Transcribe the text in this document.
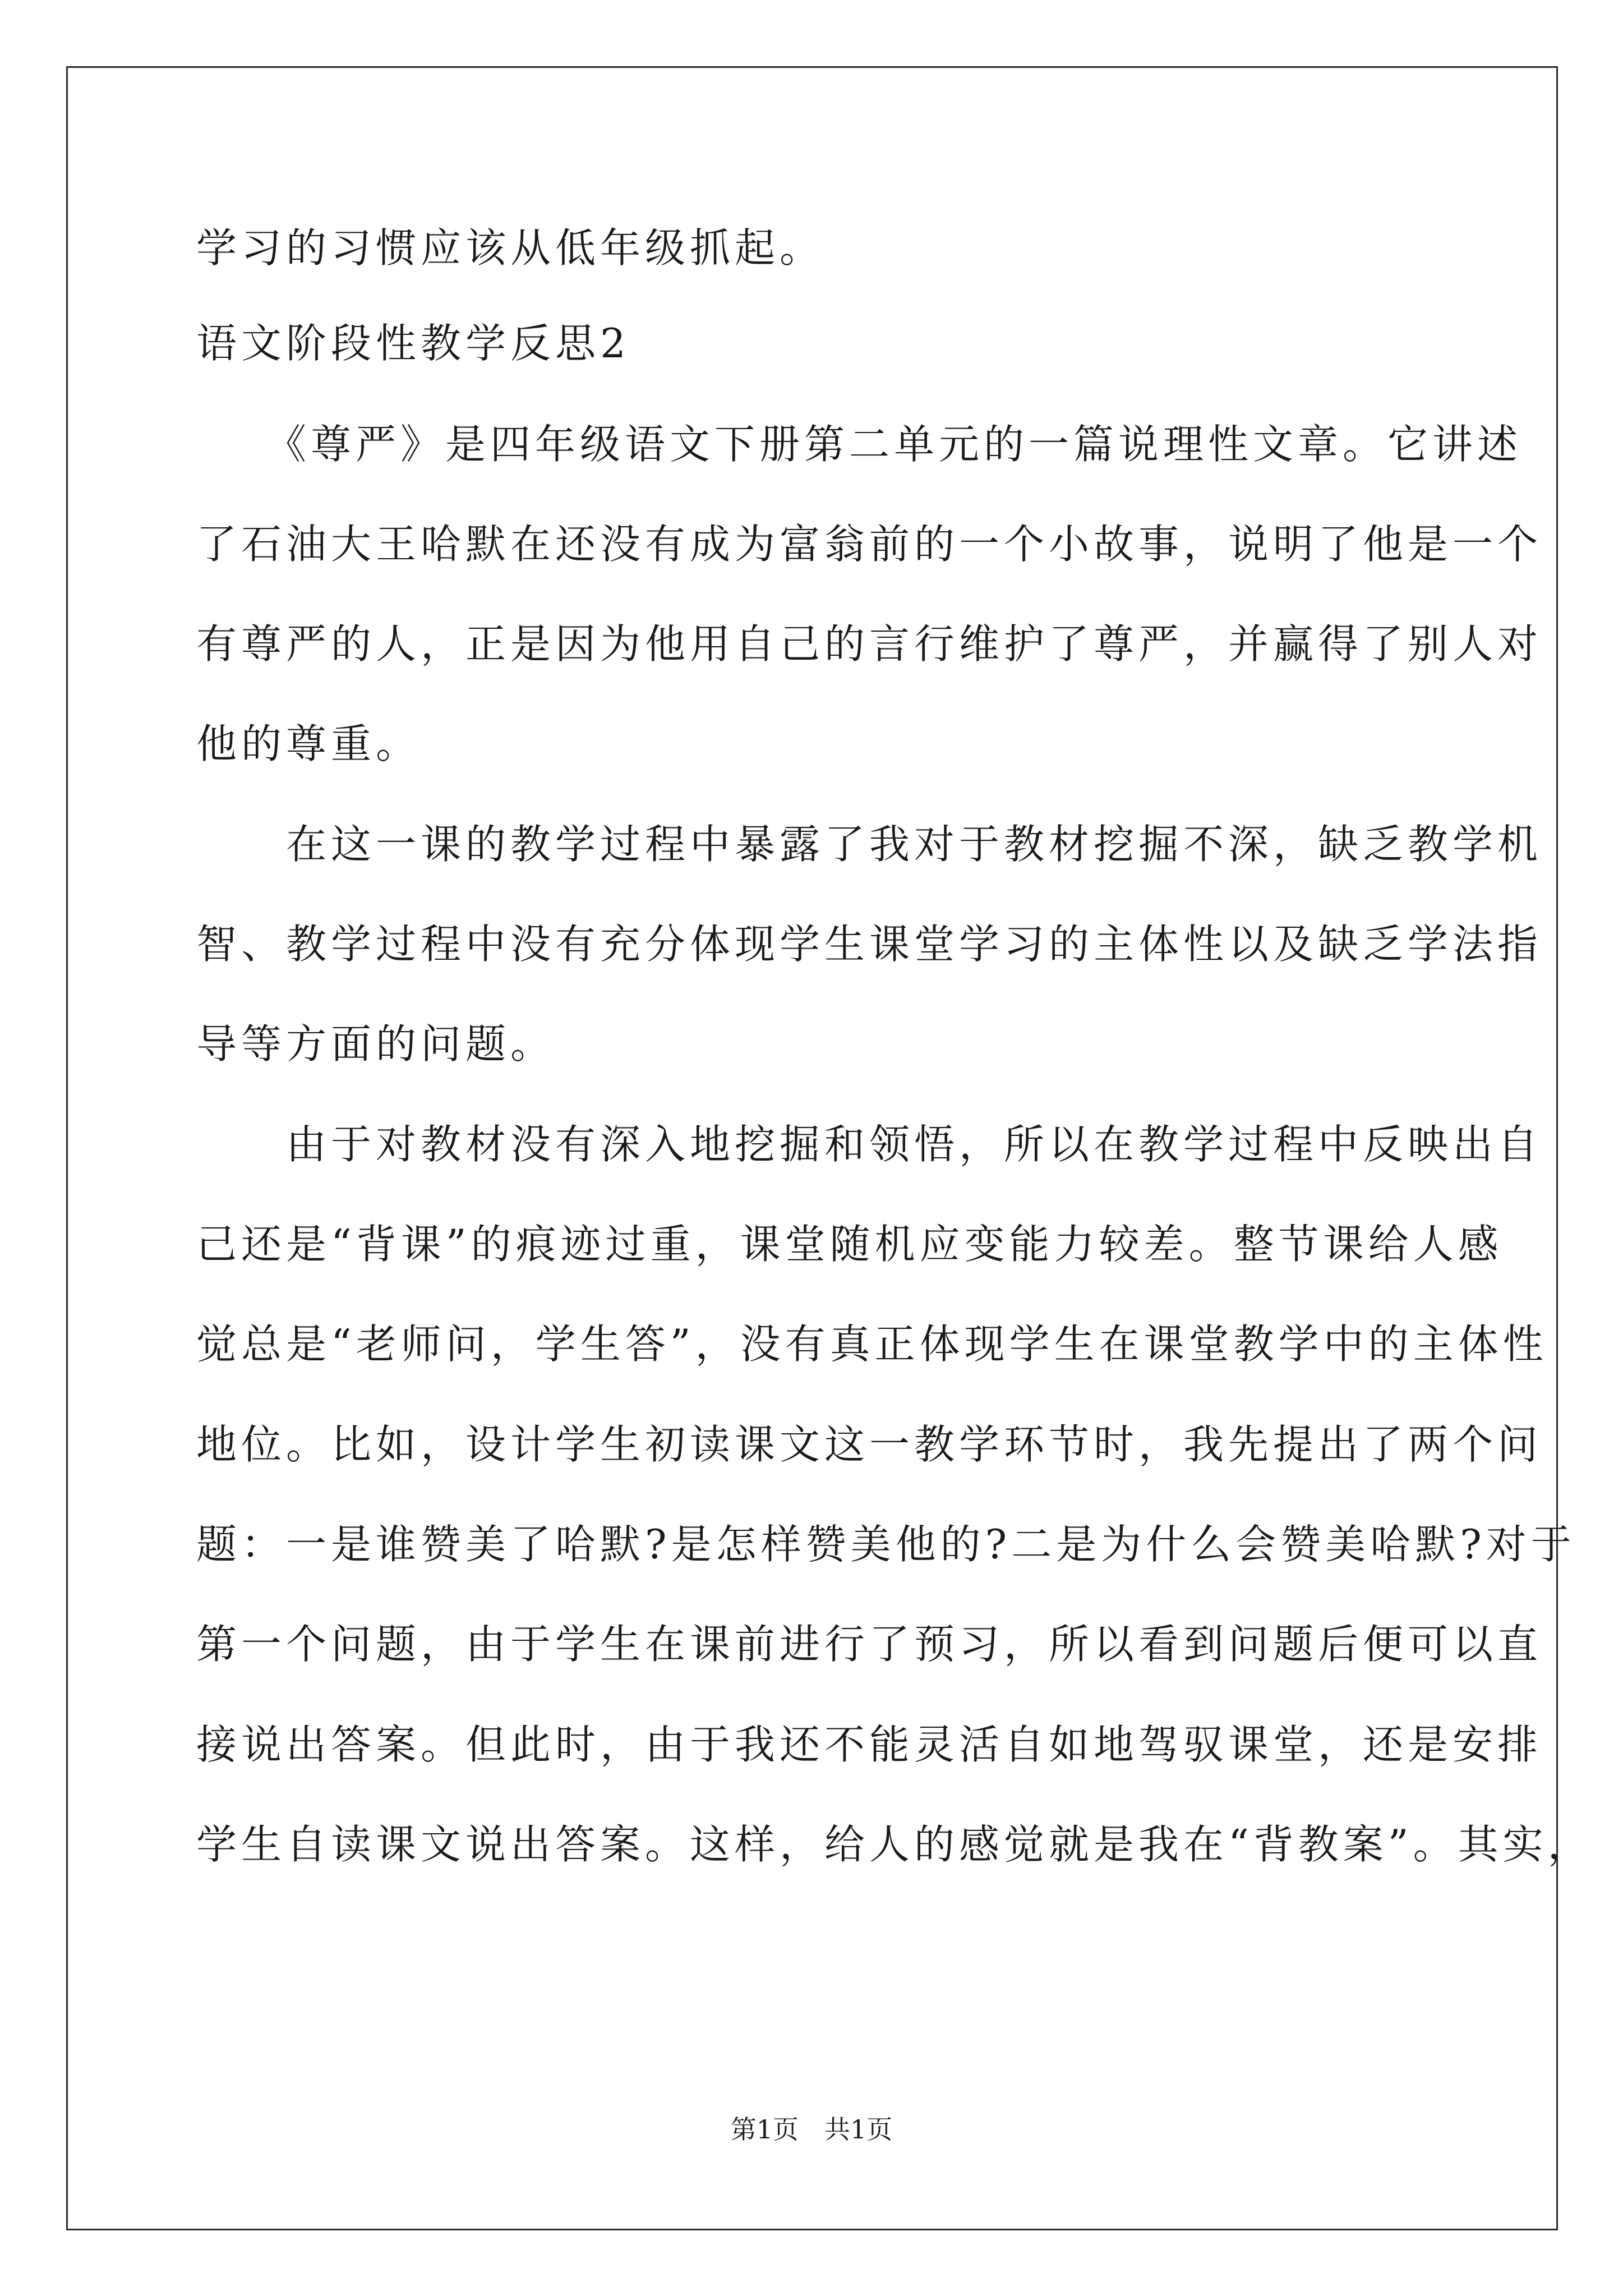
学习的习惯应该从低年级抓起。

语文阶段性教学反思2

　　《尊严》是四年级语文下册第二单元的一篇说理性文章。它讲述

了石油大王哈默在还没有成为富翁前的一个小故事，说明了他是一个

有尊严的人，正是因为他用自己的言行维护了尊严，并赢得了别人对

他的尊重。

　　在这一课的教学过程中暴露了我对于教材挖掘不深，缺乏教学机

智、教学过程中没有充分体现学生课堂学习的主体性以及缺乏学法指

导等方面的问题。

　　由于对教材没有深入地挖掘和领悟，所以在教学过程中反映出自

己还是“背课”的痕迹过重，课堂随机应变能力较差。整节课给人感

觉总是“老师问，学生答”，没有真正体现学生在课堂教学中的主体性

地位。比如，设计学生初读课文这一教学环节时，我先提出了两个问

题：一是谁赞美了哈默?是怎样赞美他的?二是为什么会赞美哈默?对于

第一个问题，由于学生在课前进行了预习，所以看到问题后便可以直

接说出答案。但此时，由于我还不能灵活自如地驾驭课堂，还是安排

学生自读课文说出答案。这样，给人的感觉就是我在“背教案”。其实，

第1页　共1页
